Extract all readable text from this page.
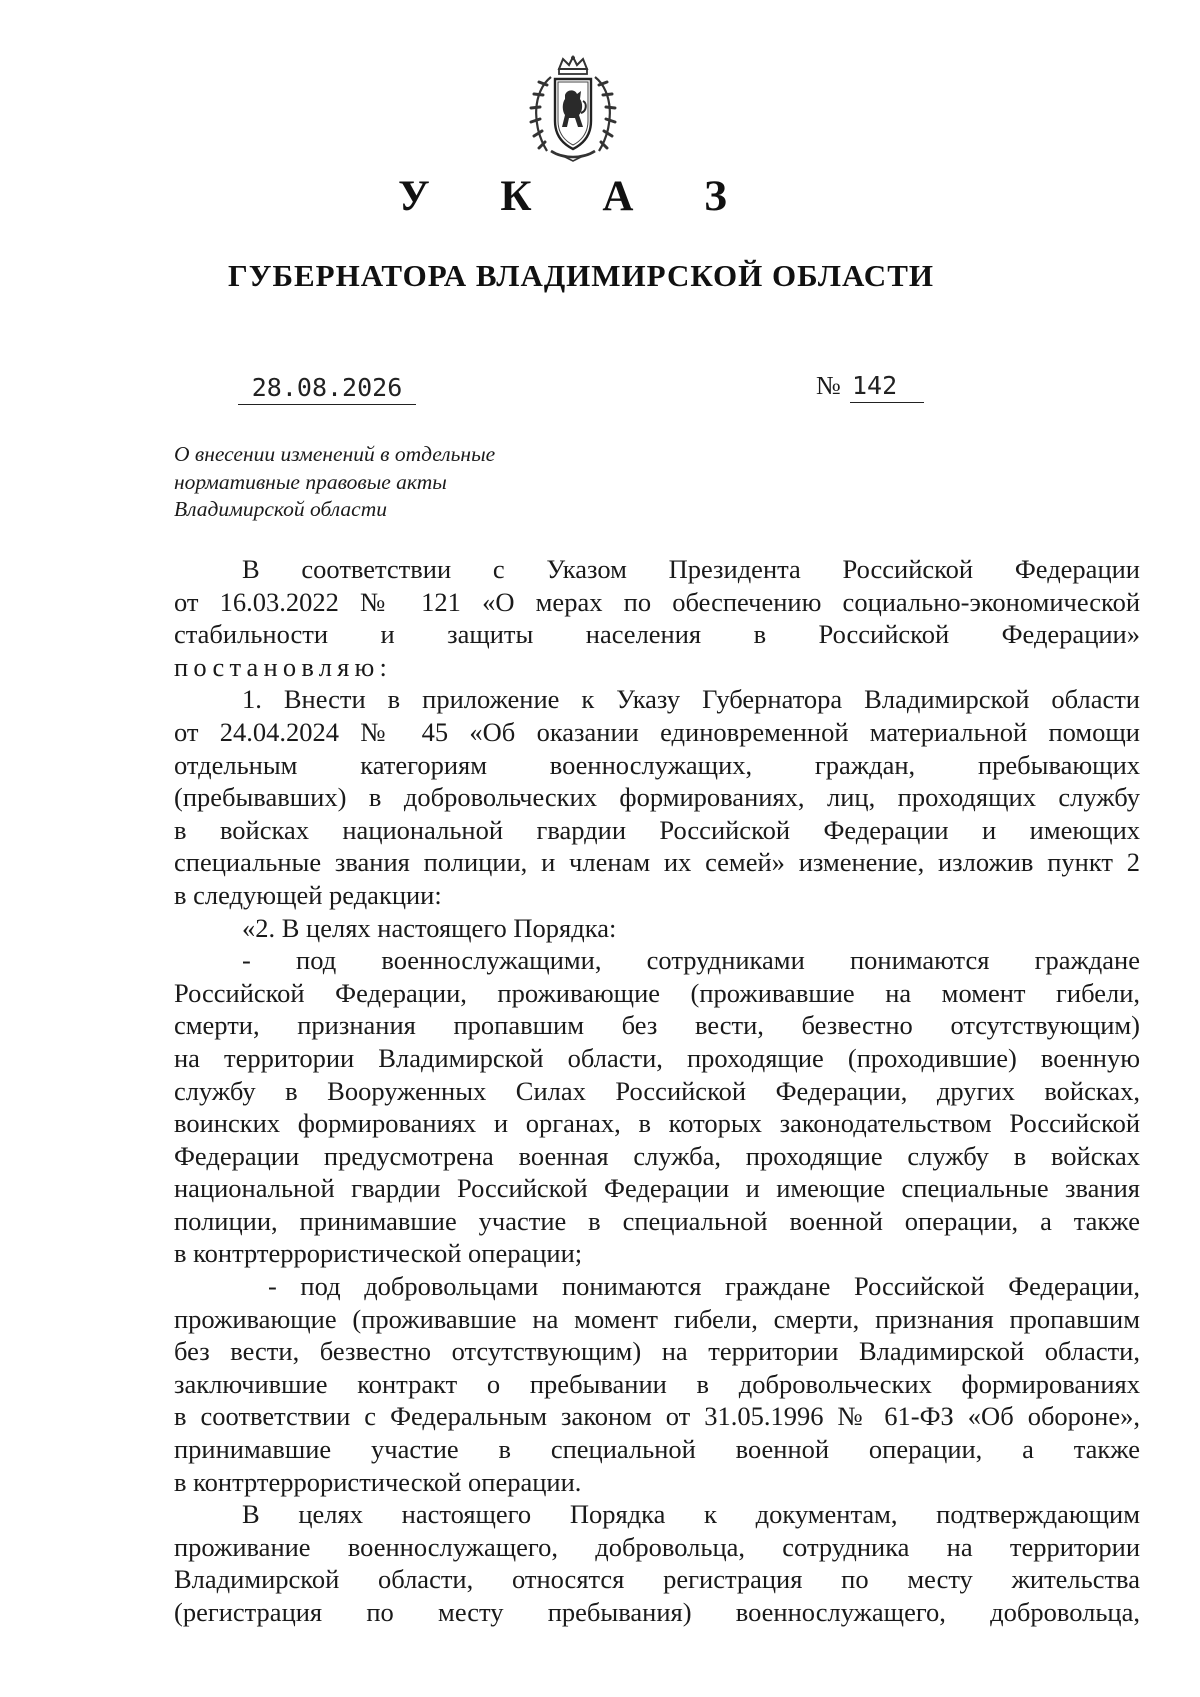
У К А З
ГУБЕРНАТОРА ВЛАДИМИРСКОЙ ОБЛАСТИ
28.08.2026	№ 142
О внесении изменений в отдельные
нормативные правовые акты
Владимирской области
В соответствии с Указом Президента Российской Федерации
от 16.03.2022 № 121 «О мерах по обеспечению социально-экономической
стабильности и защиты населения в Российской Федерации»
постановляю:
1. Внести в приложение к Указу Губернатора Владимирской области
от 24.04.2024 № 45 «Об оказании единовременной материальной помощи
отдельным категориям военнослужащих, граждан, пребывающих
(пребывавших) в добровольческих формированиях, лиц, проходящих службу
в войсках национальной гвардии Российской Федерации и имеющих
специальные звания полиции, и членам их семей» изменение, изложив пункт 2
в следующей редакции:
«2. В целях настоящего Порядка:
- под военнослужащими, сотрудниками понимаются граждане
Российской Федерации, проживающие (проживавшие на момент гибели,
смерти, признания пропавшим без вести, безвестно отсутствующим)
на территории Владимирской области, проходящие (проходившие) военную
службу в Вооруженных Силах Российской Федерации, других войсках,
воинских формированиях и органах, в которых законодательством Российской
Федерации предусмотрена военная служба, проходящие службу в войсках
национальной гвардии Российской Федерации и имеющие специальные звания
полиции, принимавшие участие в специальной военной операции, а также
в контртеррористической операции;
- под добровольцами понимаются граждане Российской Федерации,
проживающие (проживавшие на момент гибели, смерти, признания пропавшим
без вести, безвестно отсутствующим) на территории Владимирской области,
заключившие контракт о пребывании в добровольческих формированиях
в соответствии с Федеральным законом от 31.05.1996 № 61-ФЗ «Об обороне»,
принимавшие участие в специальной военной операции, а также
в контртеррористической операции.
В целях настоящего Порядка к документам, подтверждающим
проживание военнослужащего, добровольца, сотрудника на территории
Владимирской области, относятся регистрация по месту жительства
(регистрация по месту пребывания) военнослужащего, добровольца,
